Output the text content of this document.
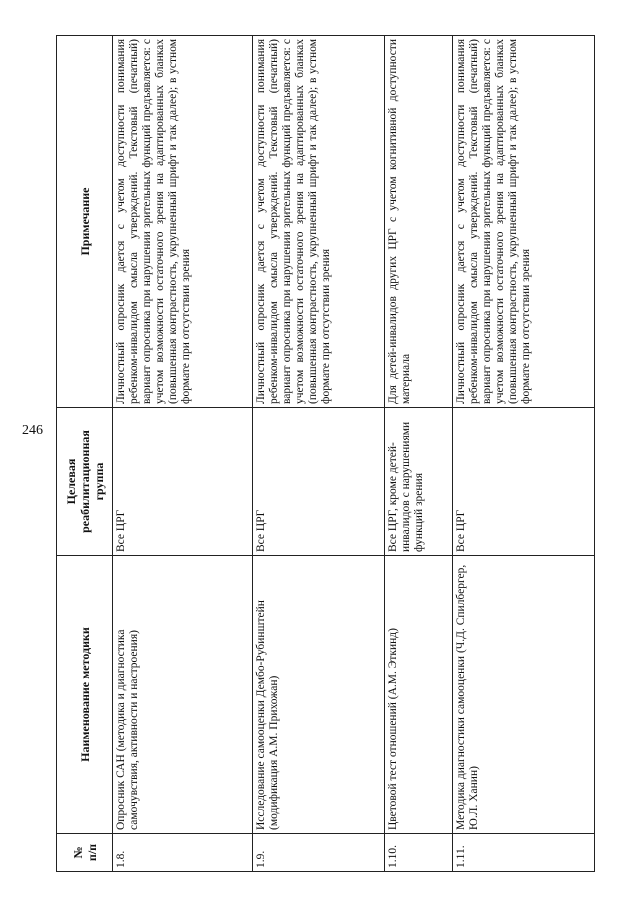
246
№ п/п	Наименование методики	Целевая реабилитационная группа	Примечание
1.8.	Опросник САН (методика и диагностика самочувствия, активности и настроения)	Все ЦРГ	Личностный опросник дается с учетом доступности понимания ребенком-инвалидом смысла утверждений. Текстовый (печатный) вариант опросника при нарушении зрительных функций предъявляется: с учетом возможности остаточного зрения на адаптированных бланках (повышенная контрастность, укрупненный шрифт и так далее); в устном формате при отсутствии зрения
1.9.	Исследование самооценки Дембо-Рубинштейн (модификация А.М. Прихожан)	Все ЦРГ	Личностный опросник дается с учетом доступности понимания ребенком-инвалидом смысла утверждений. Текстовый (печатный) вариант опросника при нарушении зрительных функций предъявляется: с учетом возможности остаточного зрения на адаптированных бланках (повышенная контрастность, укрупненный шрифт и так далее); в устном формате при отсутствии зрения
1.10.	Цветовой тест отношений (А.М. Эткинд)	Все ЦРГ, кроме детей-инвалидов с нарушениями функций зрения	Для детей-инвалидов других ЦРГ с учетом когнитивной доступности материала
1.11.	Методика диагностики самооценки (Ч.Д. Спилбергер, Ю.Л. Ханин)	Все ЦРГ	Личностный опросник дается с учетом доступности понимания ребенком-инвалидом смысла утверждений. Текстовый (печатный) вариант опросника при нарушении зрительных функций предъявляется: с учетом возможности остаточного зрения на адаптированных бланках (повышенная контрастность, укрупненный шрифт и так далее); в устном формате при отсутствии зрения
